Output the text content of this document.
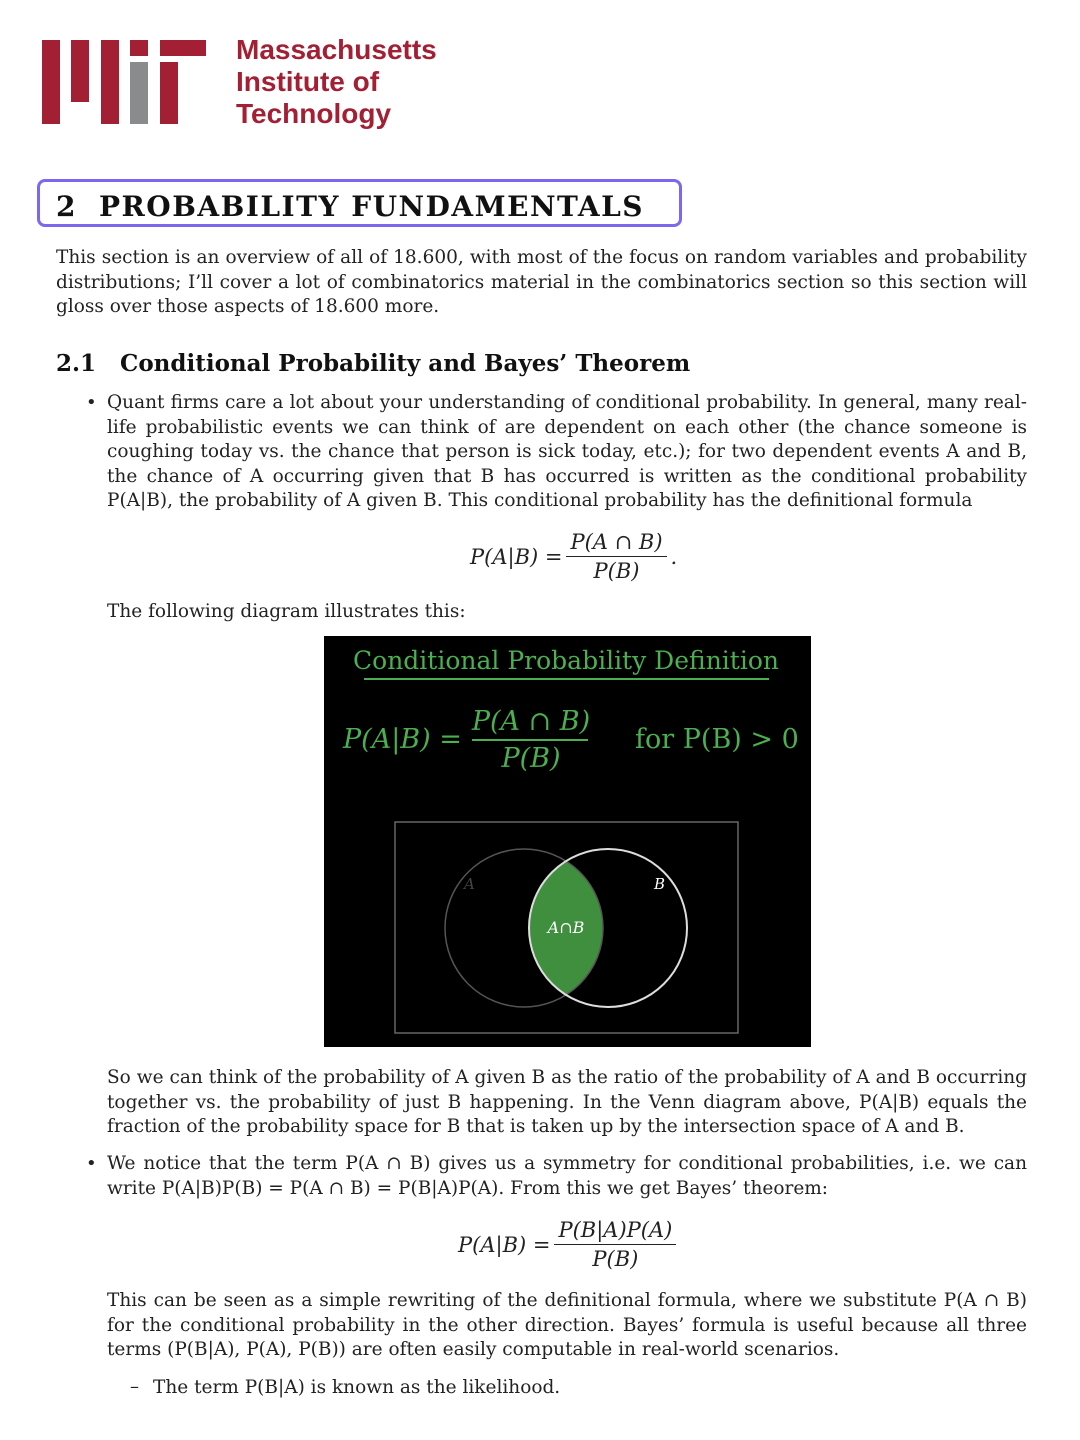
Massachusetts
Institute of
Technology
2 PROBABILITY FUNDAMENTALS
This section is an overview of all of 18.600, with most of the focus on random variables and probability distributions; I’ll cover a lot of combinatorics material in the combinatorics section so this section will gloss over those aspects of 18.600 more.
2.1 Conditional Probability and Bayes’ Theorem
• Quant firms care a lot about your understanding of conditional probability. In general, many real-life probabilistic events we can think of are dependent on each other (the chance someone is coughing today vs. the chance that person is sick today, etc.); for two dependent events A and B, the chance of A occurring given that B has occurred is written as the conditional probability P(A|B), the probability of A given B. This conditional probability has the definitional formula
$P(A|B) = \frac{P(A \cap B)}{P(B)}$ .
The following diagram illustrates this:
Conditional Probability Definition
P(A|B) =
P(A ∩ B)
P(B)
for P(B) > 0
A	B
A∩B
So we can think of the probability of A given B as the ratio of the probability of A and B occurring together vs. the probability of just B happening. In the Venn diagram above, P(A|B) equals the fraction of the probability space for B that is taken up by the intersection space of A and B.
• We notice that the term P(A ∩ B) gives us a symmetry for conditional probabilities, i.e. we can write P(A|B)P(B) = P(A ∩ B) = P(B|A)P(A). From this we get Bayes’ theorem:
$P(A|B) = \frac{P(B|A)P(A)}{P(B)}$
This can be seen as a simple rewriting of the definitional formula, where we substitute P(A ∩ B) for the conditional probability in the other direction. Bayes’ formula is useful because all three terms (P(B|A), P(A), P(B)) are often easily computable in real-world scenarios.
– The term P(B|A) is known as the likelihood.
